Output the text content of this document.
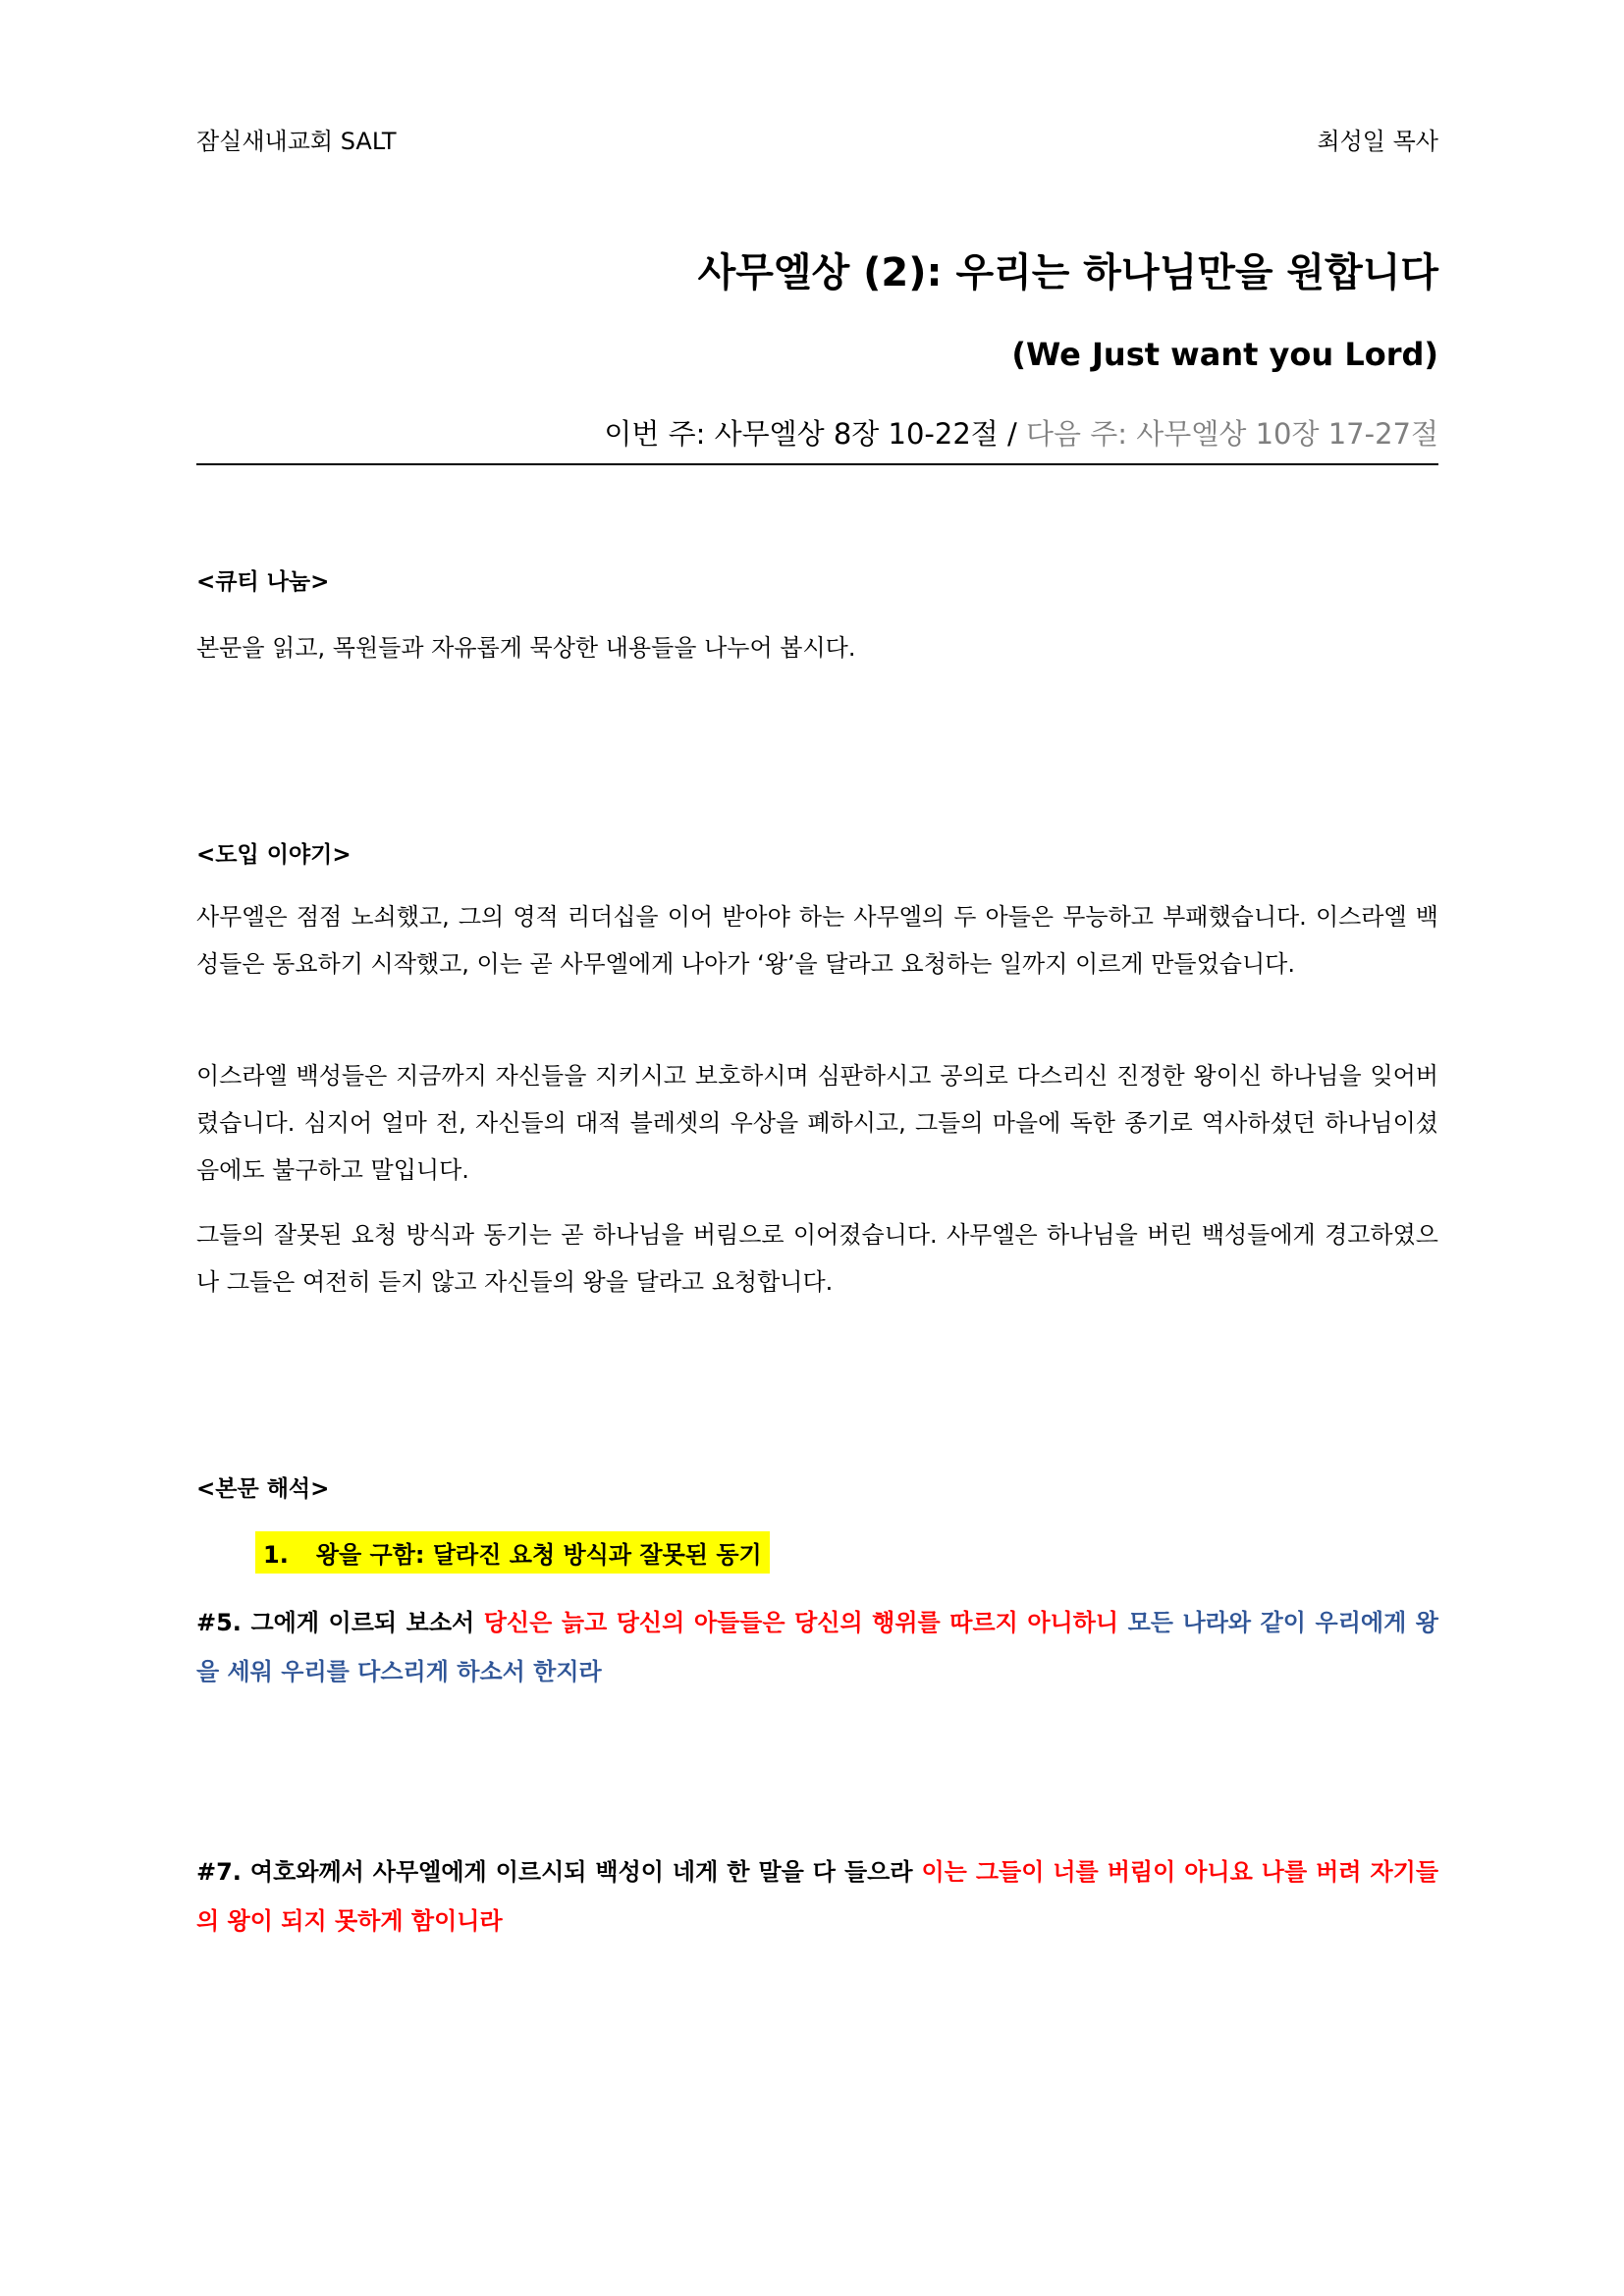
잠실새내교회 SALT	최성일 목사
사무엘상 (2): 우리는 하나님만을 원합니다
(We Just want you Lord)
이번 주: 사무엘상 8장 10-22절 / 다음 주: 사무엘상 10장 17-27절
<큐티 나눔>
본문을 읽고, 목원들과 자유롭게 묵상한 내용들을 나누어 봅시다.
<도입 이야기>
사무엘은 점점 노쇠했고, 그의 영적 리더십을 이어 받아야 하는 사무엘의 두 아들은 무능하고 부패했습니다. 이스라엘 백성들은 동요하기 시작했고, 이는 곧 사무엘에게 나아가 ‘왕’을 달라고 요청하는 일까지 이르게 만들었습니다.
이스라엘 백성들은 지금까지 자신들을 지키시고 보호하시며 심판하시고 공의로 다스리신 진정한 왕이신 하나님을 잊어버렸습니다. 심지어 얼마 전, 자신들의 대적 블레셋의 우상을 폐하시고, 그들의 마을에 독한 종기로 역사하셨던 하나님이셨음에도 불구하고 말입니다.
그들의 잘못된 요청 방식과 동기는 곧 하나님을 버림으로 이어졌습니다. 사무엘은 하나님을 버린 백성들에게 경고하였으나 그들은 여전히 듣지 않고 자신들의 왕을 달라고 요청합니다.
<본문 해석>
1. 왕을 구함: 달라진 요청 방식과 잘못된 동기
#5. 그에게 이르되 보소서 당신은 늙고 당신의 아들들은 당신의 행위를 따르지 아니하니 모든 나라와 같이 우리에게 왕을 세워 우리를 다스리게 하소서 한지라
#7. 여호와께서 사무엘에게 이르시되 백성이 네게 한 말을 다 들으라 이는 그들이 너를 버림이 아니요 나를 버려 자기들의 왕이 되지 못하게 함이니라
